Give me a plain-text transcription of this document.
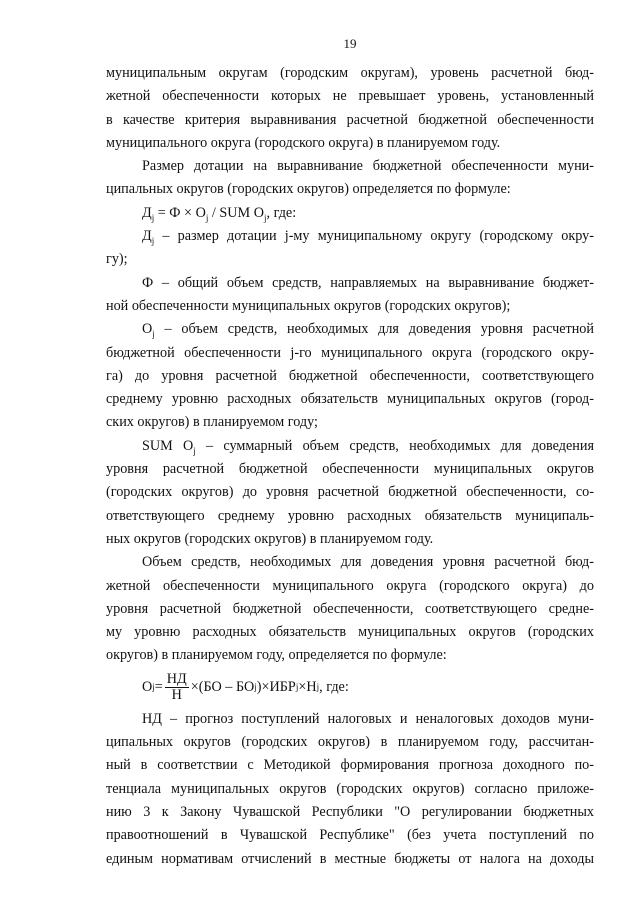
19
муниципальным округам (городским округам), уровень расчетной бюд-
жетной обеспеченности которых не превышает уровень, установленный
в качестве критерия выравнивания расчетной бюджетной обеспеченности
муниципального округа (городского округа) в планируемом году.
Размер дотации на выравнивание бюджетной обеспеченности муни-
ципальных округов (городских округов) определяется по формуле:
$Д_j = Ф \times O_j$ / SUM $O_j$, где:
$Д_j$ – размер дотации j-му муниципальному округу (городскому окру-
гу);
Ф – общий объем средств, направляемых на выравнивание бюджет-
ной обеспеченности муниципальных округов (городских округов);
$O_j$ – объем средств, необходимых для доведения уровня расчетной
бюджетной обеспеченности j-го муниципального округа (городского окру-
га) до уровня расчетной бюджетной обеспеченности, соответствующего
среднему уровню расходных обязательств муниципальных округов (город-
ских округов) в планируемом году;
SUM $O_j$ – суммарный объем средств, необходимых для доведения
уровня расчетной бюджетной обеспеченности муниципальных округов
(городских округов) до уровня расчетной бюджетной обеспеченности, со-
ответствующего среднему уровню расходных обязательств муниципаль-
ных округов (городских округов) в планируемом году.
Объем средств, необходимых для доведения уровня расчетной бюд-
жетной обеспеченности муниципального округа (городского округа) до
уровня расчетной бюджетной обеспеченности, соответствующего средне-
му уровню расходных обязательств муниципальных округов (городских
округов) в планируемом году, определяется по формуле:
O $j = \frac{НД}{Н} \times (БО$ – БО j ) × ИБР j × Н j , где:
НД – прогноз поступлений налоговых и неналоговых доходов муни-
ципальных округов (городских округов) в планируемом году, рассчитан-
ный в соответствии с Методикой формирования прогноза доходного по-
тенциала муниципальных округов (городских округов) согласно приложе-
нию 3 к Закону Чувашской Республики "О регулировании бюджетных
правоотношений в Чувашской Республике" (без учета поступлений по
единым нормативам отчислений в местные бюджеты от налога на доходы
